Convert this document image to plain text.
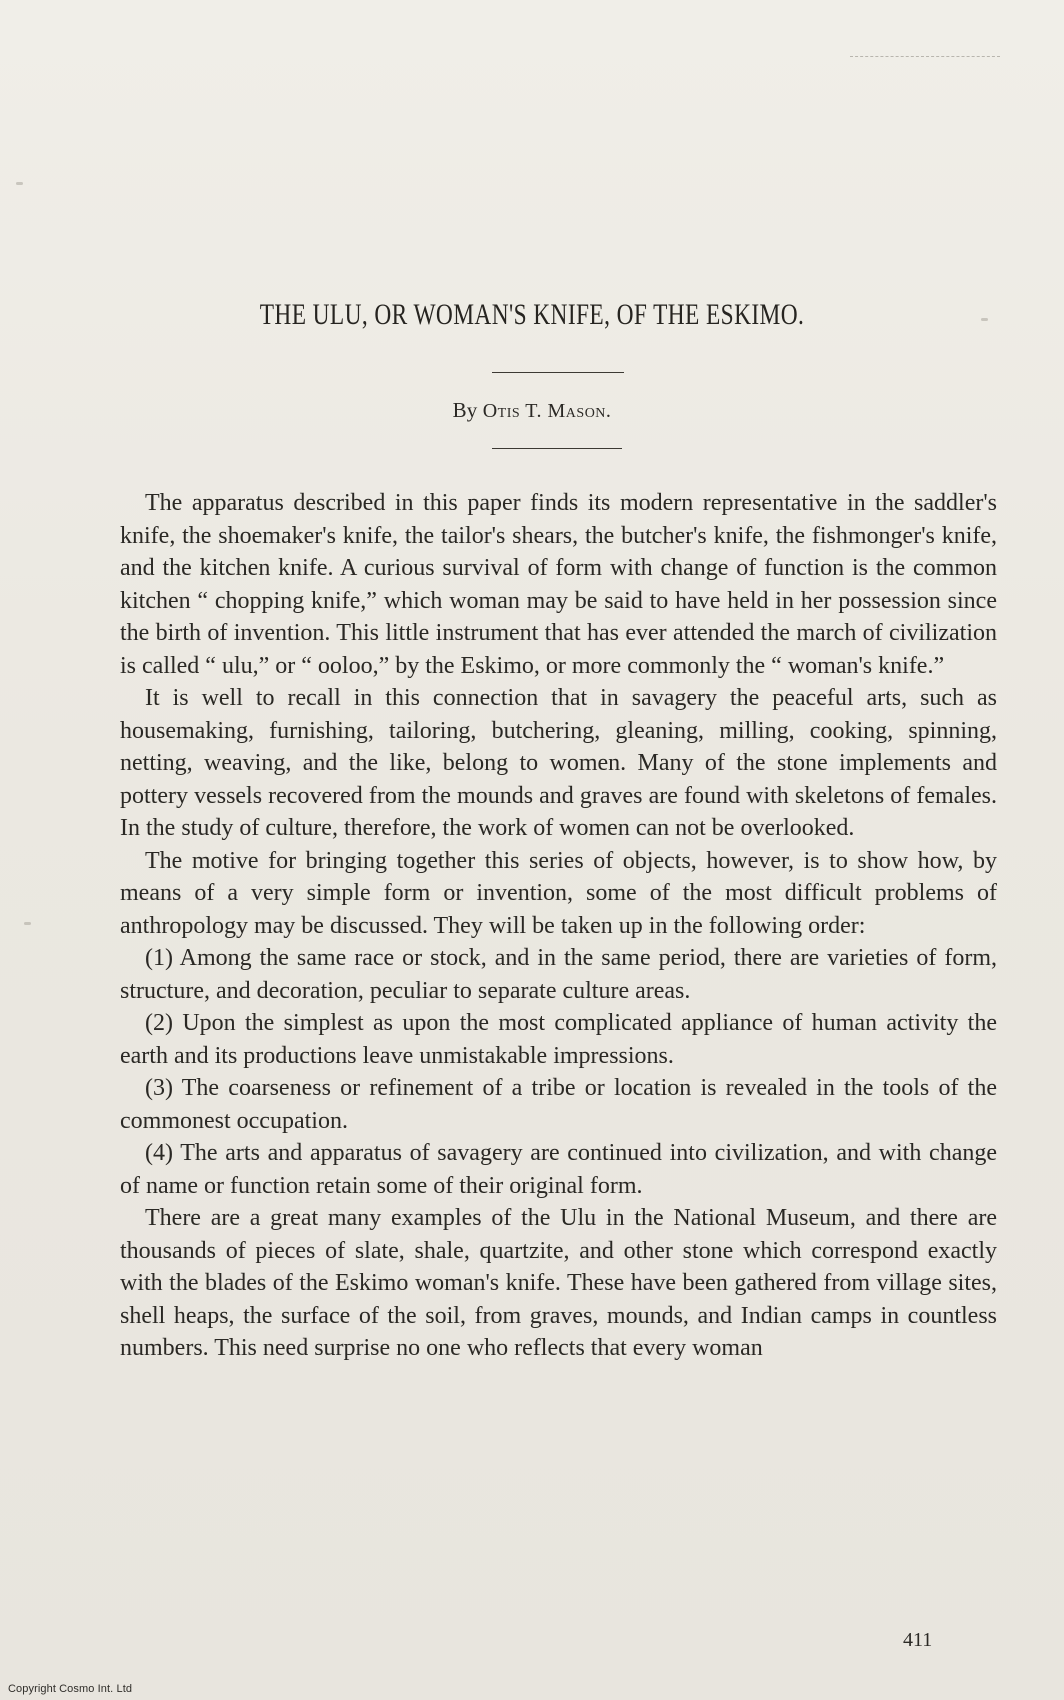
THE ULU, OR WOMAN'S KNIFE, OF THE ESKIMO.
By Otis T. Mason.

The apparatus described in this paper finds its modern representative in the saddler's knife, the shoemaker's knife, the tailor's shears, the butcher's knife, the fishmonger's knife, and the kitchen knife. A curious survival of form with change of function is the common kitchen “ chopping knife,” which woman may be said to have held in her possession since the birth of invention. This little instrument that has ever attended the march of civilization is called “ ulu,” or “ ooloo,” by the Eskimo, or more commonly the “ woman's knife.”

It is well to recall in this connection that in savagery the peaceful arts, such as housemaking, furnishing, tailoring, butchering, gleaning, milling, cooking, spinning, netting, weaving, and the like, belong to women. Many of the stone implements and pottery vessels recovered from the mounds and graves are found with skeletons of females. In the study of culture, therefore, the work of women can not be overlooked.

The motive for bringing together this series of objects, however, is to show how, by means of a very simple form or invention, some of the most difficult problems of anthropology may be discussed. They will be taken up in the following order:

(1) Among the same race or stock, and in the same period, there are varieties of form, structure, and decoration, peculiar to separate culture areas.

(2) Upon the simplest as upon the most complicated appliance of human activity the earth and its productions leave unmistakable impressions.

(3) The coarseness or refinement of a tribe or location is revealed in the tools of the commonest occupation.

(4) The arts and apparatus of savagery are continued into civilization, and with change of name or function retain some of their original form.

There are a great many examples of the Ulu in the National Museum, and there are thousands of pieces of slate, shale, quartzite, and other stone which correspond exactly with the blades of the Eskimo woman's knife. These have been gathered from village sites, shell heaps, the surface of the soil, from graves, mounds, and Indian camps in countless numbers. This need surprise no one who reflects that every woman

411
Copyright Cosmo Int. Ltd
